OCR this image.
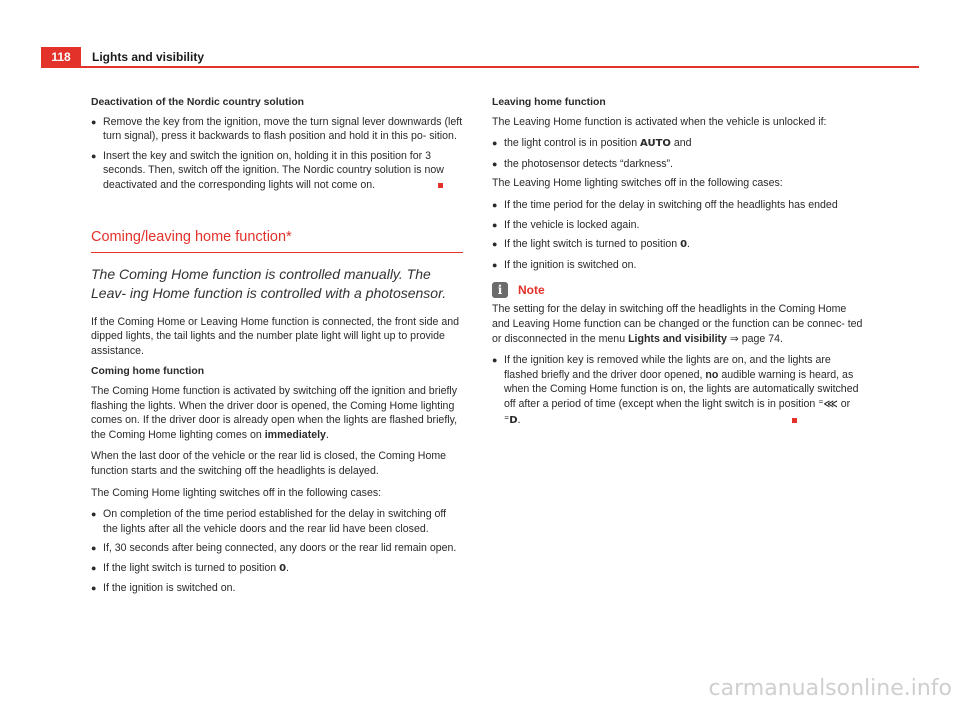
118	Lights and visibility

Deactivation of the Nordic country solution

● Remove the key from the ignition, move the turn signal lever downwards (left turn signal), press it backwards to flash position and hold it in this po‐ sition.
● Insert the key and switch the ignition on, holding it in this position for 3 seconds. Then, switch off the ignition. The Nordic country solution is now deactivated and the corresponding lights will not come on.
Coming/leaving home function*
The Coming Home function is controlled manually. The Leav‐ ing Home function is controlled with a photosensor.

If the Coming Home or Leaving Home function is connected, the front side and dipped lights, the tail lights and the number plate light will light up to provide assistance.

Coming home function

The Coming Home function is activated by switching off the ignition and briefly flashing the lights. When the driver door is opened, the Coming Home lighting comes on. If the driver door is already open when the lights are flashed briefly, the Coming Home lighting comes on immediately.

When the last door of the vehicle or the rear lid is closed, the Coming Home function starts and the switching off the headlights is delayed.

The Coming Home lighting switches off in the following cases:

● On completion of the time period established for the delay in switching off the lights after all the vehicle doors and the rear lid have been closed.
● If, 30 seconds after being connected, any doors or the rear lid remain open.
● If the light switch is turned to position 0.
● If the ignition is switched on.

Leaving home function

The Leaving Home function is activated when the vehicle is unlocked if:

● the light control is in position AUTO and
● the photosensor detects “darkness”.

The Leaving Home lighting switches off in the following cases:

● If the time period for the delay in switching off the headlights has ended
● If the vehicle is locked again.
● If the light switch is turned to position 0.
● If the ignition is switched on.
i	Note

The setting for the delay in switching off the headlights in the Coming Home and Leaving Home function can be changed or the function can be connec‐ ted or disconnected in the menu Lights and visibility ⇒ page 74.

● If the ignition key is removed while the lights are on, and the lights are flashed briefly and the driver door opened, no audible warning is heard, as when the Coming Home function is on, the lights are automatically switched off after a period of time (except when the light switch is in position ⁼⋘ or ⁼D.
carmanualsonline.info
